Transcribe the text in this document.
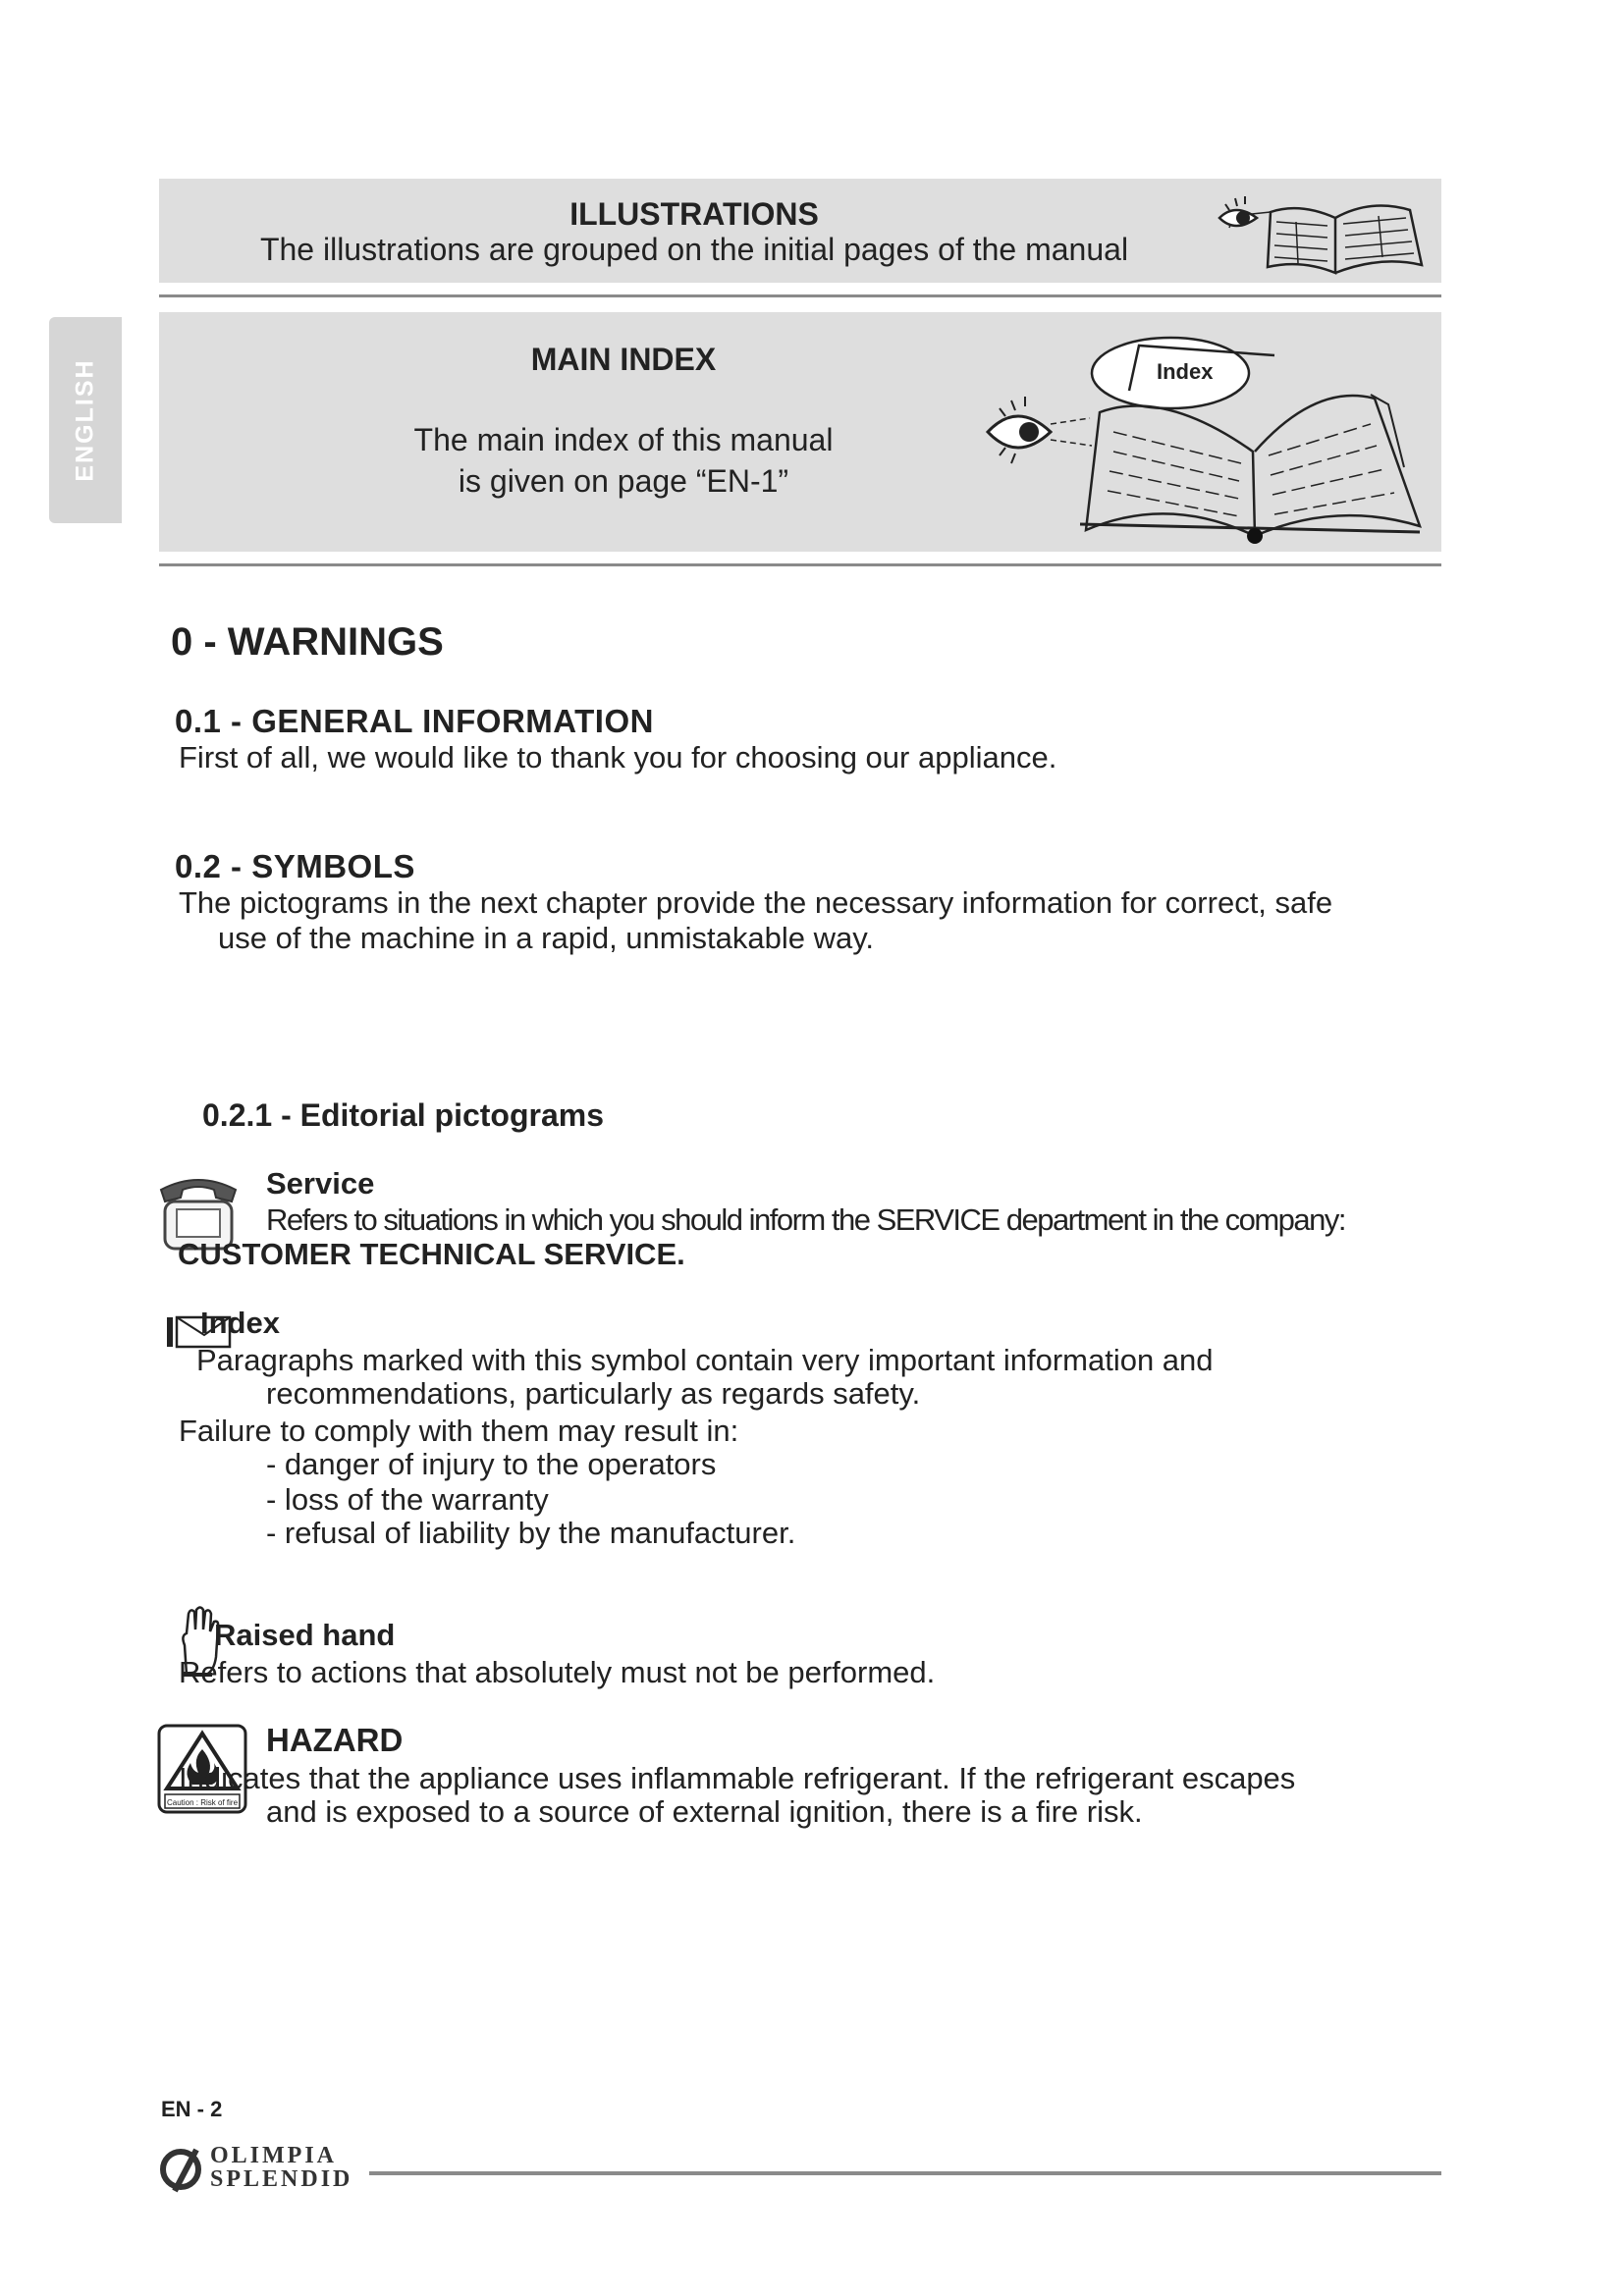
ENGLISH
ILLUSTRATIONS
The illustrations are grouped on the initial pages of the manual
MAIN INDEX
The main index of this manual
is given on page “EN-1”
Index
0 - WARNINGS
0.1 - GENERAL INFORMATION
First of all, we would like to thank you for choosing our appliance.
0.2 - SYMBOLS
The pictograms in the next chapter provide the necessary information for correct, safe
use of the machine in a rapid, unmistakable way.
0.2.1 - Editorial pictograms
Service
Refers to situations in which you should inform the SERVICE department in the company:
CUSTOMER TECHNICAL SERVICE.
Index
Paragraphs marked with this symbol contain very important information and
recommendations, particularly as regards safety.
Failure to comply with them may result in:
- danger of injury to the operators
- loss of the warranty
- refusal of liability by the manufacturer.
Raised hand
Refers to actions that absolutely must not be performed.
Caution : Risk of fire
HAZARD
Indicates that the appliance uses inflammable refrigerant. If the refrigerant escapes
and is exposed to a source of external ignition, there is a fire risk.
EN - 2
OLIMPIA
SPLENDID
